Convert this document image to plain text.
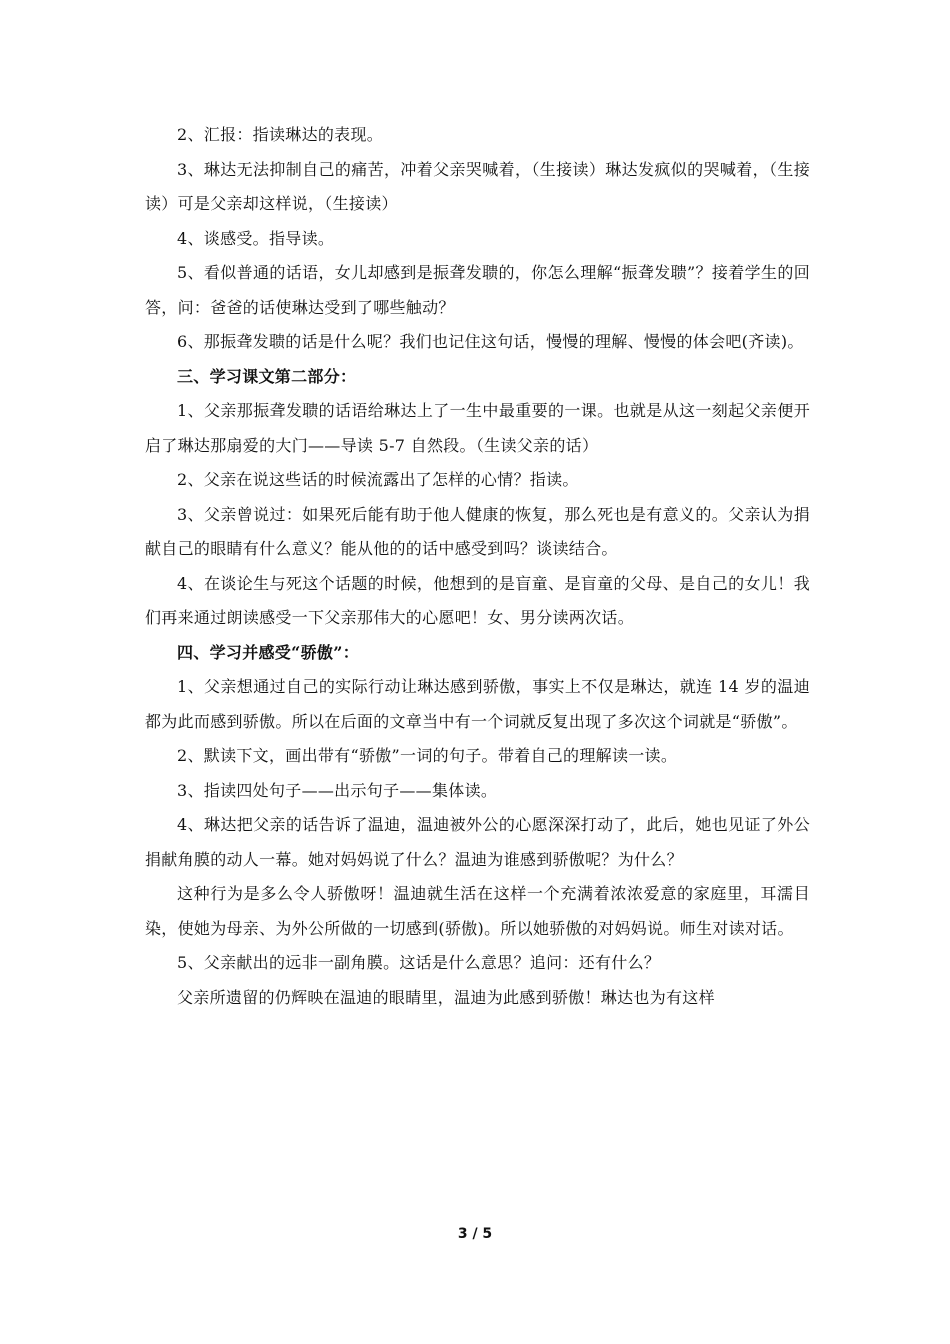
2、汇报：指读琳达的表现。

3、琳达无法抑制自己的痛苦，冲着父亲哭喊着，（生接读）琳达发疯似的哭喊着，（生接读）可是父亲却这样说，（生接读）

4、谈感受。指导读。

5、看似普通的话语，女儿却感到是振聋发聩的，你怎么理解“振聋发聩”？接着学生的回答，问：爸爸的话使琳达受到了哪些触动？

6、那振聋发聩的话是什么呢？我们也记住这句话，慢慢的理解、慢慢的体会吧(齐读)。

三、学习课文第二部分：

1、父亲那振聋发聩的话语给琳达上了一生中最重要的一课。也就是从这一刻起父亲便开启了琳达那扇爱的大门——导读 5-7 自然段。（生读父亲的话）

2、父亲在说这些话的时候流露出了怎样的心情？指读。

3、父亲曾说过：如果死后能有助于他人健康的恢复，那么死也是有意义的。父亲认为捐献自己的眼睛有什么意义？能从他的的话中感受到吗？谈读结合。

4、在谈论生与死这个话题的时候，他想到的是盲童、是盲童的父母、是自己的女儿！我们再来通过朗读感受一下父亲那伟大的心愿吧！女、男分读两次话。

四、学习并感受“骄傲”：

1、父亲想通过自己的实际行动让琳达感到骄傲，事实上不仅是琳达，就连 14 岁的温迪都为此而感到骄傲。所以在后面的文章当中有一个词就反复出现了多次这个词就是“骄傲”。

2、默读下文，画出带有“骄傲”一词的句子。带着自己的理解读一读。

3、指读四处句子——出示句子——集体读。

4、琳达把父亲的话告诉了温迪，温迪被外公的心愿深深打动了，此后，她也见证了外公捐献角膜的动人一幕。她对妈妈说了什么？温迪为谁感到骄傲呢？为什么？

这种行为是多么令人骄傲呀！温迪就生活在这样一个充满着浓浓爱意的家庭里，耳濡目染，使她为母亲、为外公所做的一切感到(骄傲)。所以她骄傲的对妈妈说。师生对读对话。

5、父亲献出的远非一副角膜。这话是什么意思？追问：还有什么？

父亲所遗留的仍辉映在温迪的眼睛里，温迪为此感到骄傲！琳达也为有这样

3 / 5
